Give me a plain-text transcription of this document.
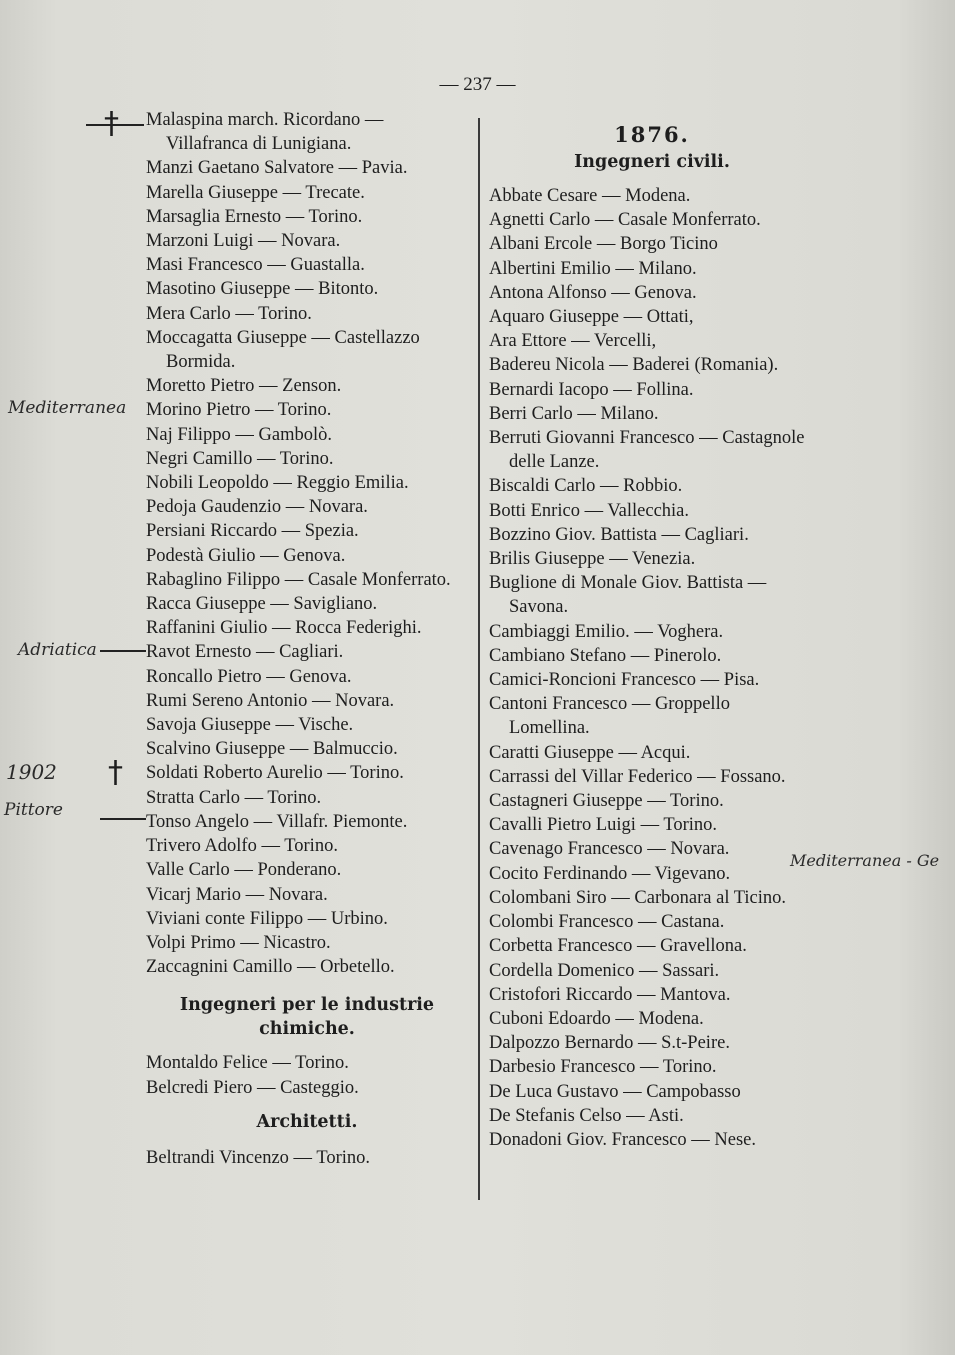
— 237 —
Mediterranea
Adriatica
1902 †
Pittore
Mediterranea - Ge
Malaspina march. Ricordano — Villafranca di Lunigiana.
Manzi Gaetano Salvatore — Pavia.
Marella Giuseppe — Trecate.
Marsaglia Ernesto — Torino.
Marzoni Luigi — Novara.
Masi Francesco — Guastalla.
Masotino Giuseppe — Bitonto.
Mera Carlo — Torino.
Moccagatta Giuseppe — Castellazzo Bormida.
Moretto Pietro — Zenson.
Morino Pietro — Torino.
Naj Filippo — Gambolò.
Negri Camillo — Torino.
Nobili Leopoldo — Reggio Emilia.
Pedoja Gaudenzio — Novara.
Persiani Riccardo — Spezia.
Podestà Giulio — Genova.
Rabaglino Filippo — Casale Monferrato.
Racca Giuseppe — Savigliano.
Raffanini Giulio — Rocca Federighi.
Ravot Ernesto — Cagliari.
Roncallo Pietro — Genova.
Rumi Sereno Antonio — Novara.
Savoja Giuseppe — Vische.
Scalvino Giuseppe — Balmuccio.
Soldati Roberto Aurelio — Torino.
Stratta Carlo — Torino.
Tonso Angelo — Villafr. Piemonte.
Trivero Adolfo — Torino.
Valle Carlo — Ponderano.
Vicarj Mario — Novara.
Viviani conte Filippo — Urbino.
Volpi Primo — Nicastro.
Zaccagnini Camillo — Orbetello.
Ingegneri per le industrie chimiche.
Montaldo Felice — Torino.
Belcredi Piero — Casteggio.
Architetti.
Beltrandi Vincenzo — Torino.
1876.
Ingegneri civili.
Abbate Cesare — Modena.
Agnetti Carlo — Casale Monferrato.
Albani Ercole — Borgo Ticino
Albertini Emilio — Milano.
Antona Alfonso — Genova.
Aquaro Giuseppe — Ottati,
Ara Ettore — Vercelli,
Badereu Nicola — Baderei (Romania).
Bernardi Iacopo — Follina.
Berri Carlo — Milano.
Berruti Giovanni Francesco — Castagnole delle Lanze.
Biscaldi Carlo — Robbio.
Botti Enrico — Vallecchia.
Bozzino Giov. Battista — Cagliari.
Brilis Giuseppe — Venezia.
Buglione di Monale Giov. Battista — Savona.
Cambiaggi Emilio. — Voghera.
Cambiano Stefano — Pinerolo.
Camici-Roncioni Francesco — Pisa.
Cantoni Francesco — Groppello Lomellina.
Caratti Giuseppe — Acqui.
Carrassi del Villar Federico — Fossano.
Castagneri Giuseppe — Torino.
Cavalli Pietro Luigi — Torino.
Cavenago Francesco — Novara.
Cocito Ferdinando — Vigevano.
Colombani Siro — Carbonara al Ticino.
Colombi Francesco — Castana.
Corbetta Francesco — Gravellona.
Cordella Domenico — Sassari.
Cristofori Riccardo — Mantova.
Cuboni Edoardo — Modena.
Dalpozzo Bernardo — S.t-Peire.
Darbesio Francesco — Torino.
De Luca Gustavo — Campobasso
De Stefanis Celso — Asti.
Donadoni Giov. Francesco — Nese.
